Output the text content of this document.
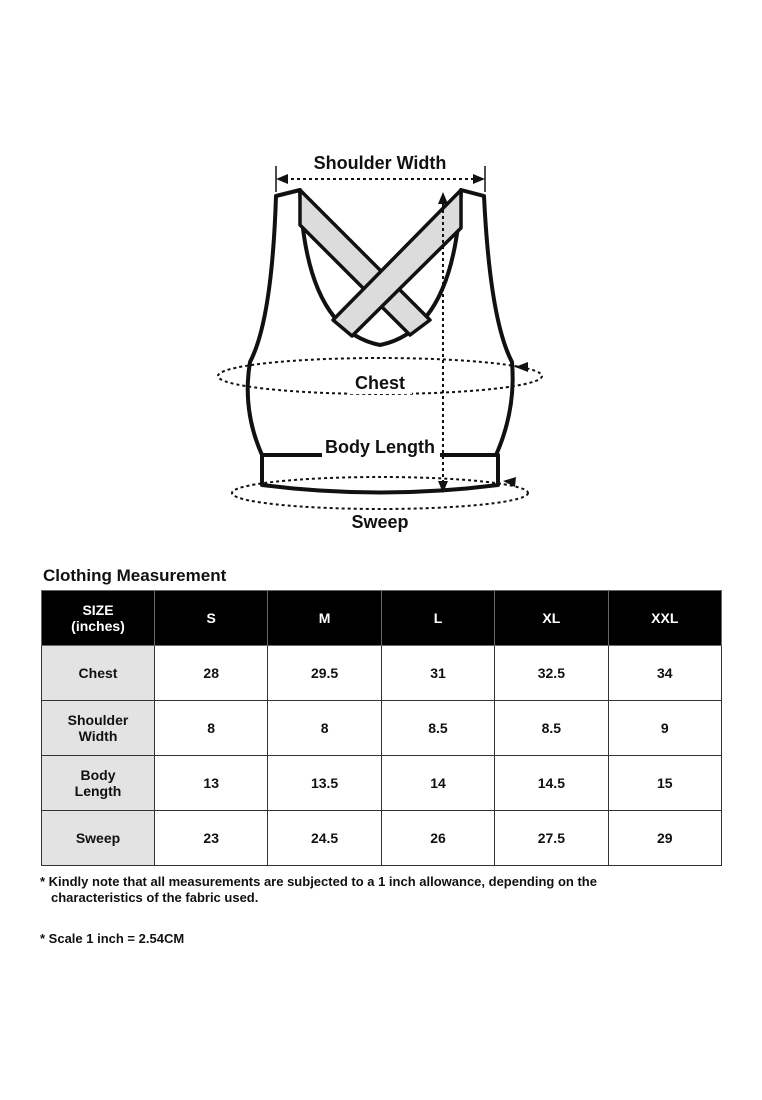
Shoulder Width
Body Length
Chest
Sweep
Clothing Measurement
SIZE
(inches)	S	M	L	XL	XXL
Chest	28	29.5	31	32.5	34
Shoulder
Width	8	8	8.5	8.5	9
Body
Length	13	13.5	14	14.5	15
Sweep	23	24.5	26	27.5	29
* Kindly note that all measurements are subjected to a 1 inch allowance, depending on the
characteristics of the fabric used.
* Scale 1 inch = 2.54CM
